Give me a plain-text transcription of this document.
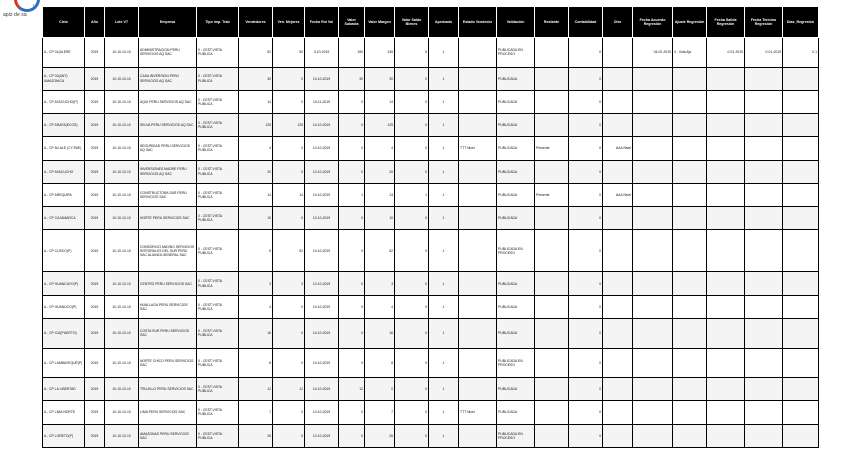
T
apiz de sa
Ciclo	Año	Lote VT	Empresa	Tipo Imp. Trab	Vendedores	Ven. Mejores	Fecha Rol Vol	Valor Subasta	Valor Margen	Valor Saldo Bienes	Aprobado	Estado Vendedor	Validación	Restante	Contabilidad	Otro	Fecha Acuerdo Regresión	Ajuste Regresión	Fecha Salida Regresión	Fecha Termino Regresión	Dias_Regresión
A - CP 01(ALERE	2019	10-10-10-10	ADMINISTRACION PERU SERVICIOS AQ SAC	0 - CEST.VISTA PUBLICA	52	50	3-10-2019	150	145	5	1		PUBLICADA EN PROCESO		0		04-02-2019	4 - Vida Ajs	0-01-2019	0-01-2019	0-1
A - CP 02(ANT) AMAZONICA	2019	10-10-10-10	CASA INVERSION PERU SERVICIOS AQ SAC	0 - CEST.VISTA PUBLICA	30	0	10-10-2019	30	30	0	1		PUBLICADA		0						
A - CP AYACUCHO(P)	2019	10-10-10-10	AQUI PERU SERVICIOS AQ SAC	0 - CEST.VISTA PUBLICA	14	0	10-11-2019	0	14	0	1		PUBLICADA		0						
A - CP ARAFA(ECOS)	2019	10-10-10-10	SELVA PERU SERVICIOS AQ SAC	0 - CEST.VISTA PUBLICA	125	125	10-10-2019	0	125	0	1		PUBLICADA		0						
A - CP AV-ALE (CY-PAE)	2019	10-10-10-10	SEGURIDAD PERU SERVICIOS AQ SAC	0 - CEST.VISTA PUBLICA	4	0	10-10-2019	0	4	0	1	TTT Nivel	PUBLICADA	Presente	0	AAA Nivel					
A - CP AYACUCHO	2019	10-10-10-10	INVERSIONES MADRE PERU SERVICIOS AQ SAC	0 - CEST.VISTA PUBLICA	20	0	10-10-2019	0	20	0	1		PUBLICADA		0						
A - CP AREQUIPA	2019	10-10-10-10	CONSTRUCTORA SUR PERU SERVICIOS SAC	0 - CEST.VISTA PUBLICA	14	14	10-10-2019	1	13	1	1		PUBLICADA	Presente	0	AAA Nivel					
A - CP CAJAMARCA	2019	10-10-10-10	NORTE PERU SERVICIOS SAC	0 - CEST.VISTA PUBLICA	10	0	10-10-2019	0	10	0	1		PUBLICADA		0						
A - CP CUSCO(P)	2019	10-10-10-10	CONSORCIO ANDINO SERVICIOS INTEGRALES DEL SUR PERU SAC ALIANZA GENERAL SAC	0 - CEST.VISTA PUBLICA	5	52	10-10-2019	0	52	0	1		PUBLICADA EN PROCESO		0						
A - CP HUANCAYO(P)	2019	10-10-10-10	CENTRO PERU SERVICIOS SAC	0 - CEST.VISTA PUBLICA	3	3	10-10-2019	0	3	0	1		PUBLICADA		0						
A - CP HUANUCO(P)	2019	10-10-10-10	HUALLAGA PERU SERVICIOS SAC	0 - CEST.VISTA PUBLICA	4	0	10-10-2019	0	4	0	1		PUBLICADA		0						
A - CP ICA(PUERTO)	2019	10-10-10-10	COSTA SUR PERU SERVICIOS SAC	0 - CEST.VISTA PUBLICA	16	0	10-10-2019	0	16	0	1		PUBLICADA		0						
A - CP LAMBAYEQUE(P)	2019	10-10-10-10	NORTE CHICO PERU SERVICIOS SAC	0 - CEST.VISTA PUBLICA	8	0	10-10-2019	0	8	0	1		PUBLICADA EN PROCESO		0						
A - CP LA LIBERTAD	2019	10-10-10-10	TRUJILLO PERU SERVICIOS SAC	0 - CEST.VISTA PUBLICA	12	12	10-10-2019	12	0	0	1		PUBLICADA		0						
A - CP LIMA NORTE	2019	10-10-10-10	LIMA PERU SERVICIOS SAC	0 - CEST.VISTA PUBLICA	7	0	10-10-2019	0	7	0	1	TTT Nivel	PUBLICADA		0						
A - CP LORETO(P)	2019	10-10-10-10	AMAZONAS PERU SERVICIOS SAC	0 - CEST.VISTA PUBLICA	26	0	10-10-2019	0	26	0	1		PUBLICADA EN PROCESO		0						
